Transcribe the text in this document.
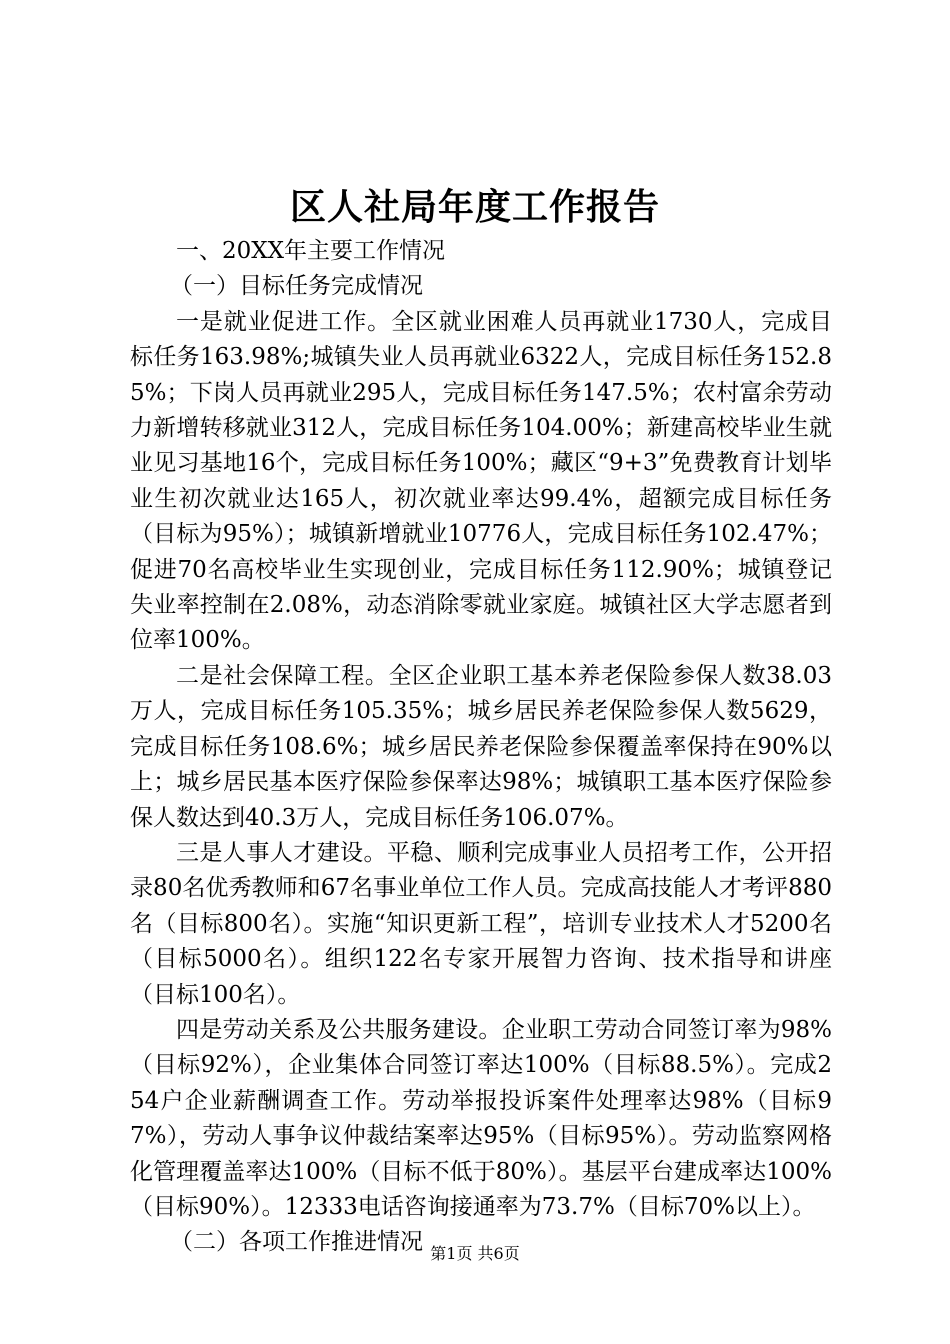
区人社局年度工作报告

一、20XX年主要工作情况

（一）目标任务完成情况

一是就业促进工作。全区就业困难人员再就业1730人，完成目标任务163.98%;城镇失业人员再就业6322人，完成目标任务152.85%；下岗人员再就业295人，完成目标任务147.5%；农村富余劳动力新增转移就业312人，完成目标任务104.00%；新建高校毕业生就业见习基地16个，完成目标任务100%；藏区“9+3”免费教育计划毕业生初次就业达165人，初次就业率达99.4%，超额完成目标任务（目标为95%）；城镇新增就业10776人，完成目标任务102.47%；促进70名高校毕业生实现创业，完成目标任务112.90%；城镇登记失业率控制在2.08%，动态消除零就业家庭。城镇社区大学志愿者到位率100%。

二是社会保障工程。全区企业职工基本养老保险参保人数38.03万人，完成目标任务105.35%；城乡居民养老保险参保人数5629，完成目标任务108.6%；城乡居民养老保险参保覆盖率保持在90%以上；城乡居民基本医疗保险参保率达98%；城镇职工基本医疗保险参保人数达到40.3万人，完成目标任务106.07%。

三是人事人才建设。平稳、顺利完成事业人员招考工作，公开招录80名优秀教师和67名事业单位工作人员。完成高技能人才考评880名（目标800名）。实施“知识更新工程”，培训专业技术人才5200名（目标5000名）。组织122名专家开展智力咨询、技术指导和讲座（目标100名）。

四是劳动关系及公共服务建设。企业职工劳动合同签订率为98%（目标92%），企业集体合同签订率达100%（目标88.5%）。完成254户企业薪酬调查工作。劳动举报投诉案件处理率达98%（目标97%），劳动人事争议仲裁结案率达95%（目标95%）。劳动监察网格化管理覆盖率达100%（目标不低于80%）。基层平台建成率达100%（目标90%）。12333电话咨询接通率为73.7%（目标70%以上）。

（二）各项工作推进情况 第1页 共6页
